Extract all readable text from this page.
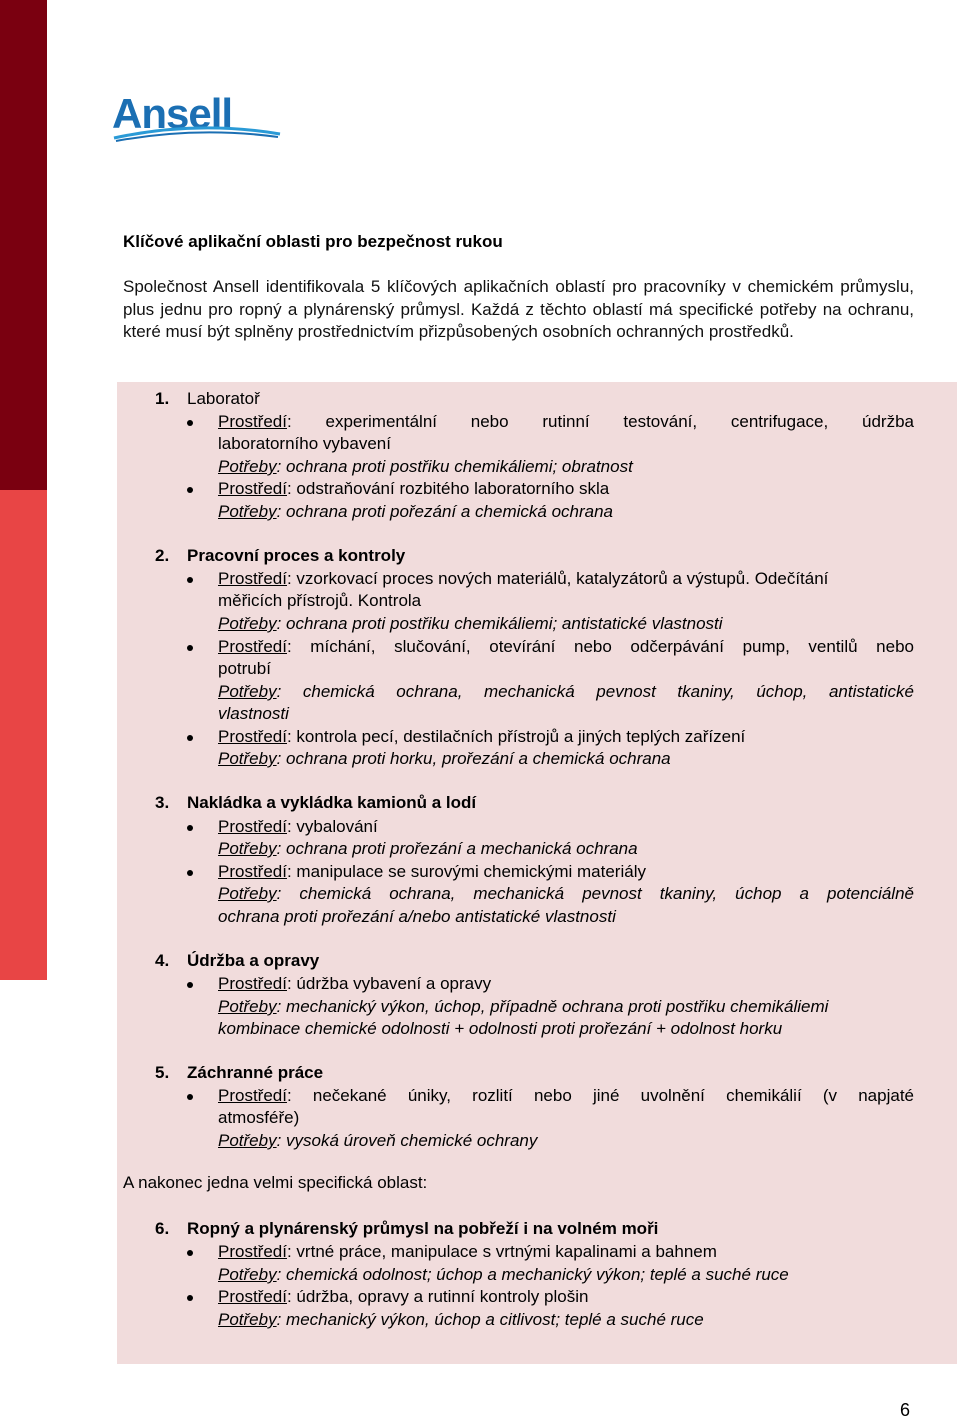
Ansell
Klíčové aplikační oblasti pro bezpečnost rukou
Společnost Ansell identifikovala 5 klíčových aplikačních oblastí pro pracovníky v chemickém průmyslu, plus jednu pro ropný a plynárenský průmysl. Každá z těchto oblastí má specifické potřeby na ochranu, které musí být splněny prostřednictvím přizpůsobených osobních ochranných prostředků.
1. Laboratoř
Prostředí: experimentální nebo rutinní testování, centrifugace, údržba
laboratorního vybavení
Potřeby: ochrana proti postřiku chemikáliemi; obratnost
Prostředí: odstraňování rozbitého laboratorního skla
Potřeby: ochrana proti pořezání a chemická ochrana
2. Pracovní proces a kontroly
Prostředí: vzorkovací proces nových materiálů, katalyzátorů a výstupů. Odečítání
měřicích přístrojů. Kontrola
Potřeby: ochrana proti postřiku chemikáliemi; antistatické vlastnosti
Prostředí: míchání, slučování, otevírání nebo odčerpávání pump, ventilů nebo
potrubí
Potřeby: chemická ochrana, mechanická pevnost tkaniny, úchop, antistatické
vlastnosti
Prostředí: kontrola pecí, destilačních přístrojů a jiných teplých zařízení
Potřeby: ochrana proti horku, prořezání a chemická ochrana
3. Nakládka a vykládka kamionů a lodí
Prostředí: vybalování
Potřeby: ochrana proti prořezání a mechanická ochrana
Prostředí: manipulace se surovými chemickými materiály
Potřeby: chemická ochrana, mechanická pevnost tkaniny, úchop a potenciálně
ochrana proti prořezání a/nebo antistatické vlastnosti
4. Údržba a opravy
Prostředí: údržba vybavení a opravy
Potřeby: mechanický výkon, úchop, případně ochrana proti postřiku chemikáliemi
kombinace chemické odolnosti + odolnosti proti prořezání + odolnost horku
5. Záchranné práce
Prostředí: nečekané úniky, rozlití nebo jiné uvolnění chemikálií (v napjaté
atmosféře)
Potřeby: vysoká úroveň chemické ochrany
A nakonec jedna velmi specifická oblast:
6. Ropný a plynárenský průmysl na pobřeží i na volném moři
Prostředí: vrtné práce, manipulace s vrtnými kapalinami a bahnem
Potřeby: chemická odolnost; úchop a mechanický výkon; teplé a suché ruce
Prostředí: údržba, opravy a rutinní kontroly plošin
Potřeby: mechanický výkon, úchop a citlivost; teplé a suché ruce
6
